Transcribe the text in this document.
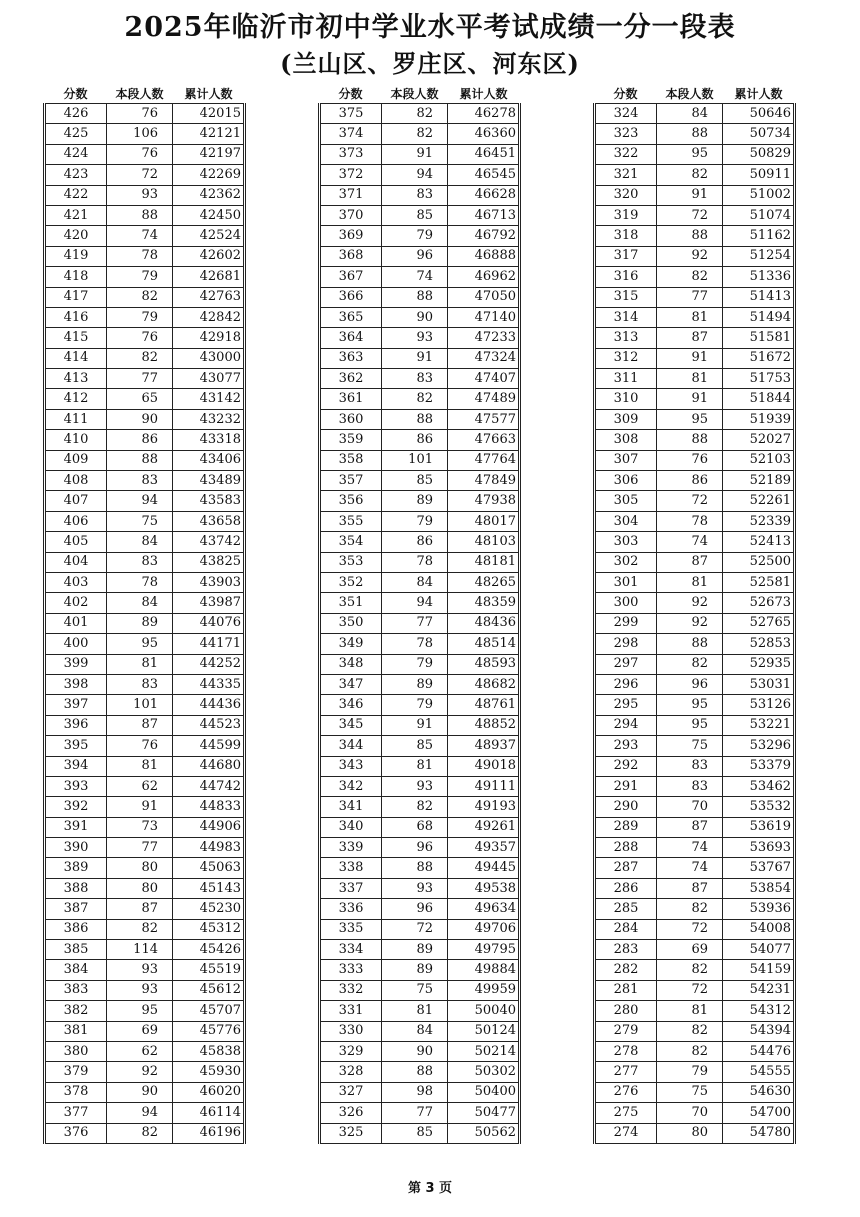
2025年临沂市初中学业水平考试成绩一分一段表
(兰山区、罗庄区、河东区)
分数	本段人数	累计人数
426	76	42015
425	106	42121
424	76	42197
423	72	42269
422	93	42362
421	88	42450
420	74	42524
419	78	42602
418	79	42681
417	82	42763
416	79	42842
415	76	42918
414	82	43000
413	77	43077
412	65	43142
411	90	43232
410	86	43318
409	88	43406
408	83	43489
407	94	43583
406	75	43658
405	84	43742
404	83	43825
403	78	43903
402	84	43987
401	89	44076
400	95	44171
399	81	44252
398	83	44335
397	101	44436
396	87	44523
395	76	44599
394	81	44680
393	62	44742
392	91	44833
391	73	44906
390	77	44983
389	80	45063
388	80	45143
387	87	45230
386	82	45312
385	114	45426
384	93	45519
383	93	45612
382	95	45707
381	69	45776
380	62	45838
379	92	45930
378	90	46020
377	94	46114
376	82	46196
分数	本段人数	累计人数
375	82	46278
374	82	46360
373	91	46451
372	94	46545
371	83	46628
370	85	46713
369	79	46792
368	96	46888
367	74	46962
366	88	47050
365	90	47140
364	93	47233
363	91	47324
362	83	47407
361	82	47489
360	88	47577
359	86	47663
358	101	47764
357	85	47849
356	89	47938
355	79	48017
354	86	48103
353	78	48181
352	84	48265
351	94	48359
350	77	48436
349	78	48514
348	79	48593
347	89	48682
346	79	48761
345	91	48852
344	85	48937
343	81	49018
342	93	49111
341	82	49193
340	68	49261
339	96	49357
338	88	49445
337	93	49538
336	96	49634
335	72	49706
334	89	49795
333	89	49884
332	75	49959
331	81	50040
330	84	50124
329	90	50214
328	88	50302
327	98	50400
326	77	50477
325	85	50562
分数	本段人数	累计人数
324	84	50646
323	88	50734
322	95	50829
321	82	50911
320	91	51002
319	72	51074
318	88	51162
317	92	51254
316	82	51336
315	77	51413
314	81	51494
313	87	51581
312	91	51672
311	81	51753
310	91	51844
309	95	51939
308	88	52027
307	76	52103
306	86	52189
305	72	52261
304	78	52339
303	74	52413
302	87	52500
301	81	52581
300	92	52673
299	92	52765
298	88	52853
297	82	52935
296	96	53031
295	95	53126
294	95	53221
293	75	53296
292	83	53379
291	83	53462
290	70	53532
289	87	53619
288	74	53693
287	74	53767
286	87	53854
285	82	53936
284	72	54008
283	69	54077
282	82	54159
281	72	54231
280	81	54312
279	82	54394
278	82	54476
277	79	54555
276	75	54630
275	70	54700
274	80	54780
第 3 页
